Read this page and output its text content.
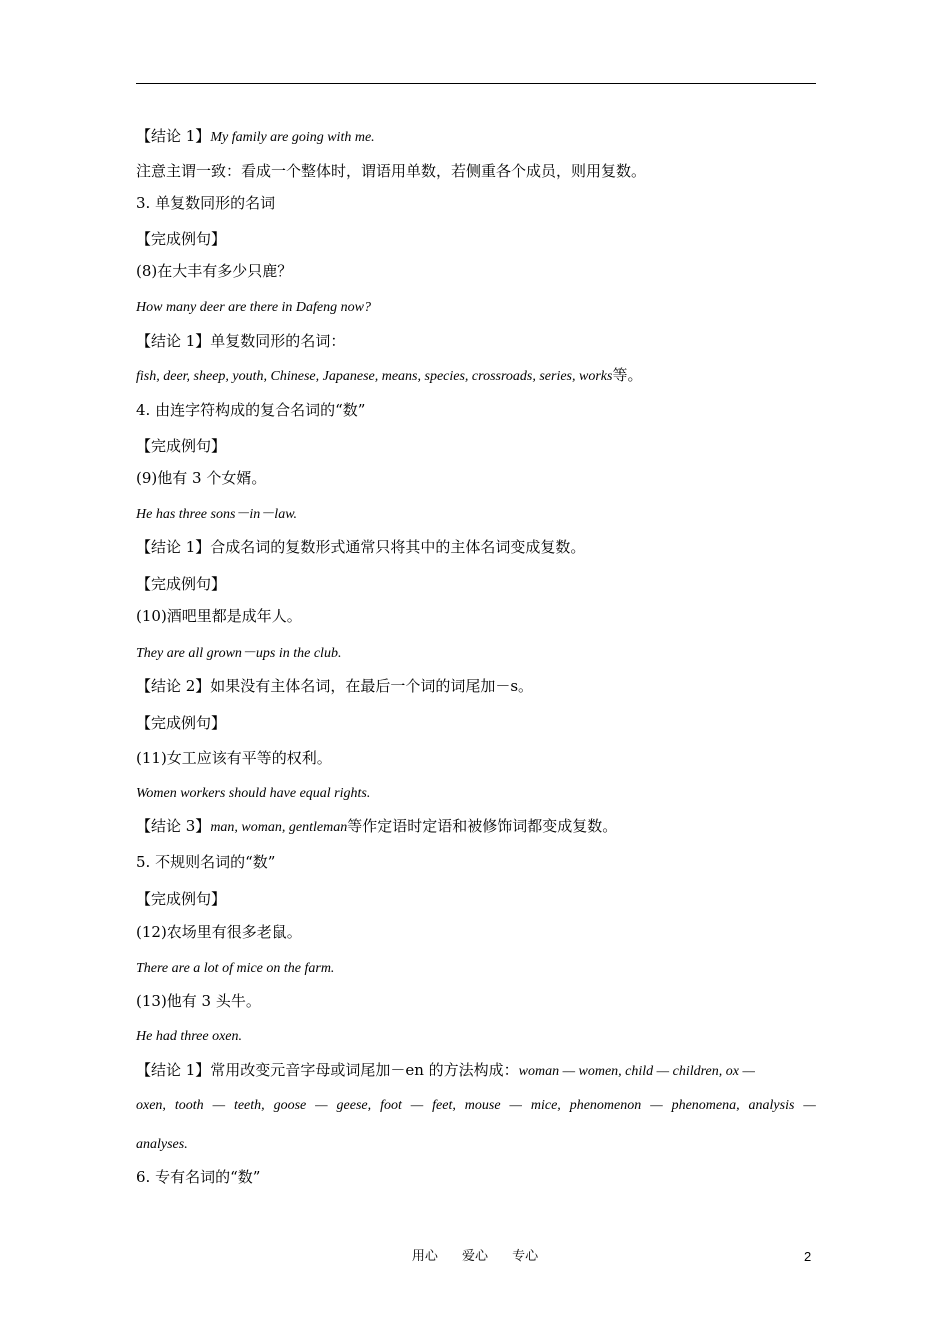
【结论 1】My family are going with me.
注意主谓一致：看成一个整体时，谓语用单数，若侧重各个成员，则用复数。
3. 单复数同形的名词
【完成例句】
(8)在大丰有多少只鹿？
How many deer are there in Dafeng now?
【结论 1】单复数同形的名词：
fish, deer, sheep, youth, Chinese, Japanese, means, species, crossroads, series, works等。
4. 由连字符构成的复合名词的“数”
【完成例句】
(9)他有 3 个女婿。
He has three sons－in－law.
【结论 1】合成名词的复数形式通常只将其中的主体名词变成复数。
【完成例句】
(10)酒吧里都是成年人。
They are all grown－ups in the club.
【结论 2】如果没有主体名词，在最后一个词的词尾加－s。
【完成例句】
(11)女工应该有平等的权利。
Women workers should have equal rights.
【结论 3】man, woman, gentleman等作定语时定语和被修饰词都变成复数。
5. 不规则名词的“数”
【完成例句】
(12)农场里有很多老鼠。
There are a lot of mice on the farm.
(13)他有 3 头牛。
He had three oxen.
【结论 1】常用改变元音字母或词尾加－en 的方法构成：woman — women, child — children, ox —
oxen, tooth — teeth, goose — geese, foot — feet, mouse — mice, phenomenon — phenomena, analysis —
analyses.
6. 专有名词的“数”
用心 爱心 专心	2
